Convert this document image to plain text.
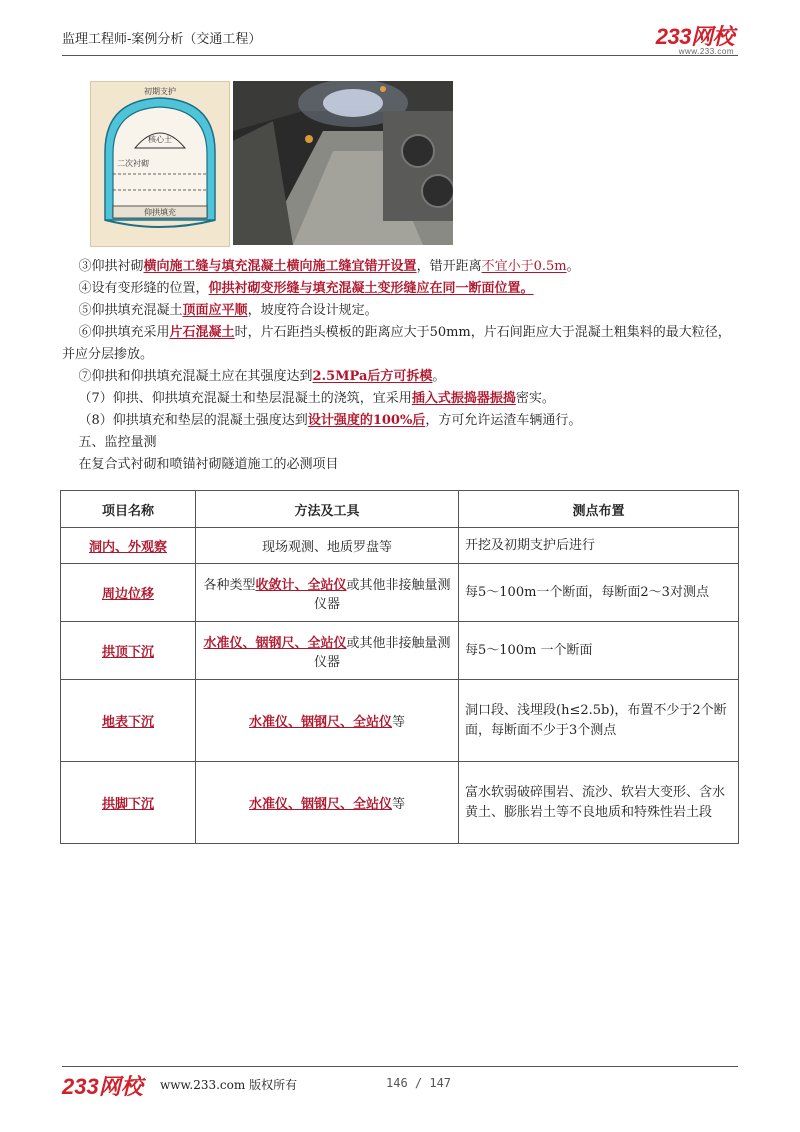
监理工程师-案例分析（交通工程）	233网校
www.233.com
初期支护
核心土
二次衬砌
仰拱填充
③仰拱衬砌横向施工缝与填充混凝土横向施工缝宜错开设置，错开距离不宜小于0.5m。
④设有变形缝的位置，仰拱衬砌变形缝与填充混凝土变形缝应在同一断面位置。
⑤仰拱填充混凝土顶面应平顺，坡度符合设计规定。
⑥仰拱填充采用片石混凝土时，片石距挡头模板的距离应大于50mm，片石间距应大于混凝土粗集料的最大粒径，并应分层掺放。
⑦仰拱和仰拱填充混凝土应在其强度达到2.5MPa后方可拆模。
（7）仰拱、仰拱填充混凝土和垫层混凝土的浇筑，宜采用插入式振捣器振捣密实。
（8）仰拱填充和垫层的混凝土强度达到设计强度的100%后，方可允许运渣车辆通行。
五、监控量测
在复合式衬砌和喷锚衬砌隧道施工的必测项目
项目名称	方法及工具	测点布置
洞内、外观察	现场观测、地质罗盘等	开挖及初期支护后进行
周边位移	各种类型收敛计、全站仪或其他非接触量测仪器	每5～100m一个断面，每断面2～3对测点
拱顶下沉	水准仪、铟钢尺、全站仪或其他非接触量测仪器	每5～100m 一个断面
地表下沉	水准仪、铟钢尺、全站仪等	洞口段、浅埋段(h≤2.5b)，布置不少于2个断面，每断面不少于3个测点
拱脚下沉	水准仪、铟钢尺、全站仪等	富水软弱破碎围岩、流沙、软岩大变形、含水黄土、膨胀岩土等不良地质和特殊性岩土段
233网校 www.233.com 版权所有	146 / 147
